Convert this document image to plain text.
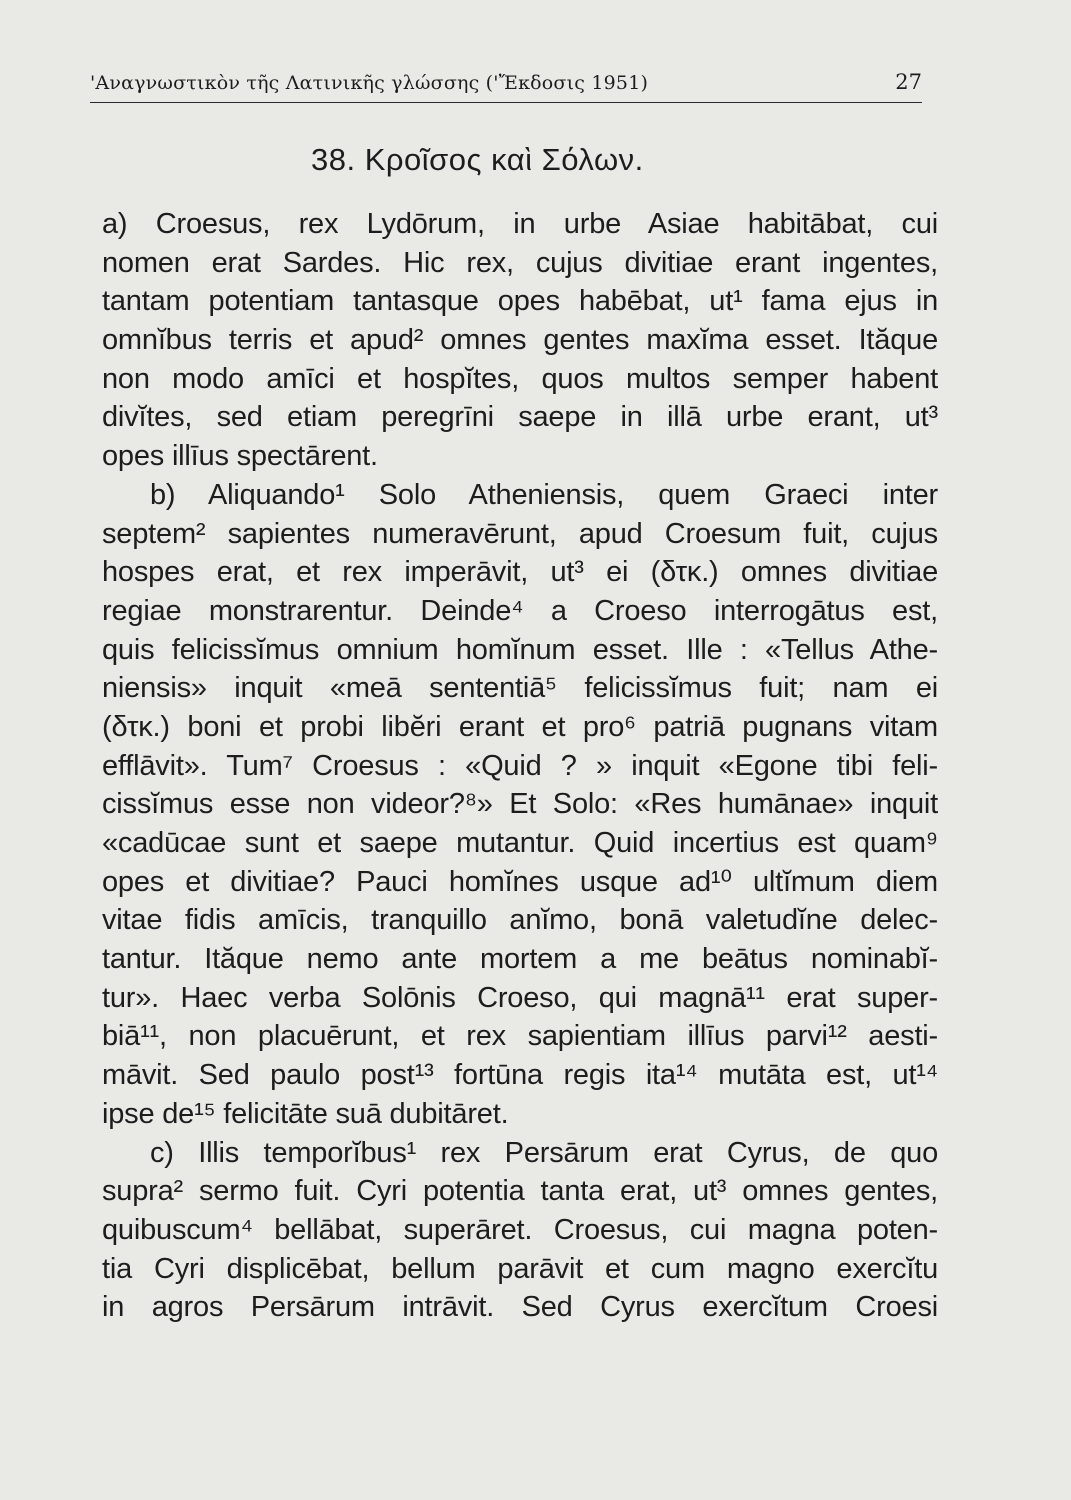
'Αναγνωστικὸν τῆς Λατινικῆς γλώσσης ('Ἔκδοσις 1951)	27
38. Κροῖσος καὶ Σόλων.
a) Croesus, rex Lydōrum, in urbe Asiae habitābat, cui
nomen erat Sardes. Hic rex, cujus divitiae erant ingentes,
tantam potentiam tantasque opes habēbat, ut¹ fama ejus in
omnĭbus terris et apud² omnes gentes maxĭma esset. Ităque
non modo amīci et hospĭtes, quos multos semper habent
divĭtes, sed etiam peregrīni saepe in illā urbe erant, ut³
opes illīus spectārent.
b) Aliquando¹ Solo Atheniensis, quem Graeci inter
septem² sapientes numeravērunt, apud Croesum fuit, cujus
hospes erat, et rex imperāvit, ut³ ei (δτκ.) omnes divitiae
regiae monstrarentur. Deinde⁴ a Croeso interrogātus est,
quis felicissĭmus omnium homĭnum esset. Ille : «Tellus Athe-
niensis» inquit «meā sententiā⁵ felicissĭmus fuit; nam ei
(δτκ.) boni et probi libĕri erant et pro⁶ patriā pugnans vitam
efflāvit». Tum⁷ Croesus : «Quid ? » inquit «Egone tibi feli-
cissĭmus esse non videor?⁸» Et Solo: «Res humānae» inquit
«cadūcae sunt et saepe mutantur. Quid incertius est quam⁹
opes et divitiae? Pauci homĭnes usque ad¹⁰ ultĭmum diem
vitae fidis amīcis, tranquillo anĭmo, bonā valetudĭne delec-
tantur. Ităque nemo ante mortem a me beātus nominabĭ-
tur». Haec verba Solōnis Croeso, qui magnā¹¹ erat super-
biā¹¹, non placuērunt, et rex sapientiam illīus parvi¹² aesti-
māvit. Sed paulo post¹³ fortūna regis ita¹⁴ mutāta est, ut¹⁴
ipse de¹⁵ felicitāte suā dubitāret.
c) Illis temporĭbus¹ rex Persārum erat Cyrus, de quo
supra² sermo fuit. Cyri potentia tanta erat, ut³ omnes gentes,
quibuscum⁴ bellābat, superāret. Croesus, cui magna poten-
tia Cyri displicēbat, bellum parāvit et cum magno exercĭtu
in agros Persārum intrāvit. Sed Cyrus exercĭtum Croesi
